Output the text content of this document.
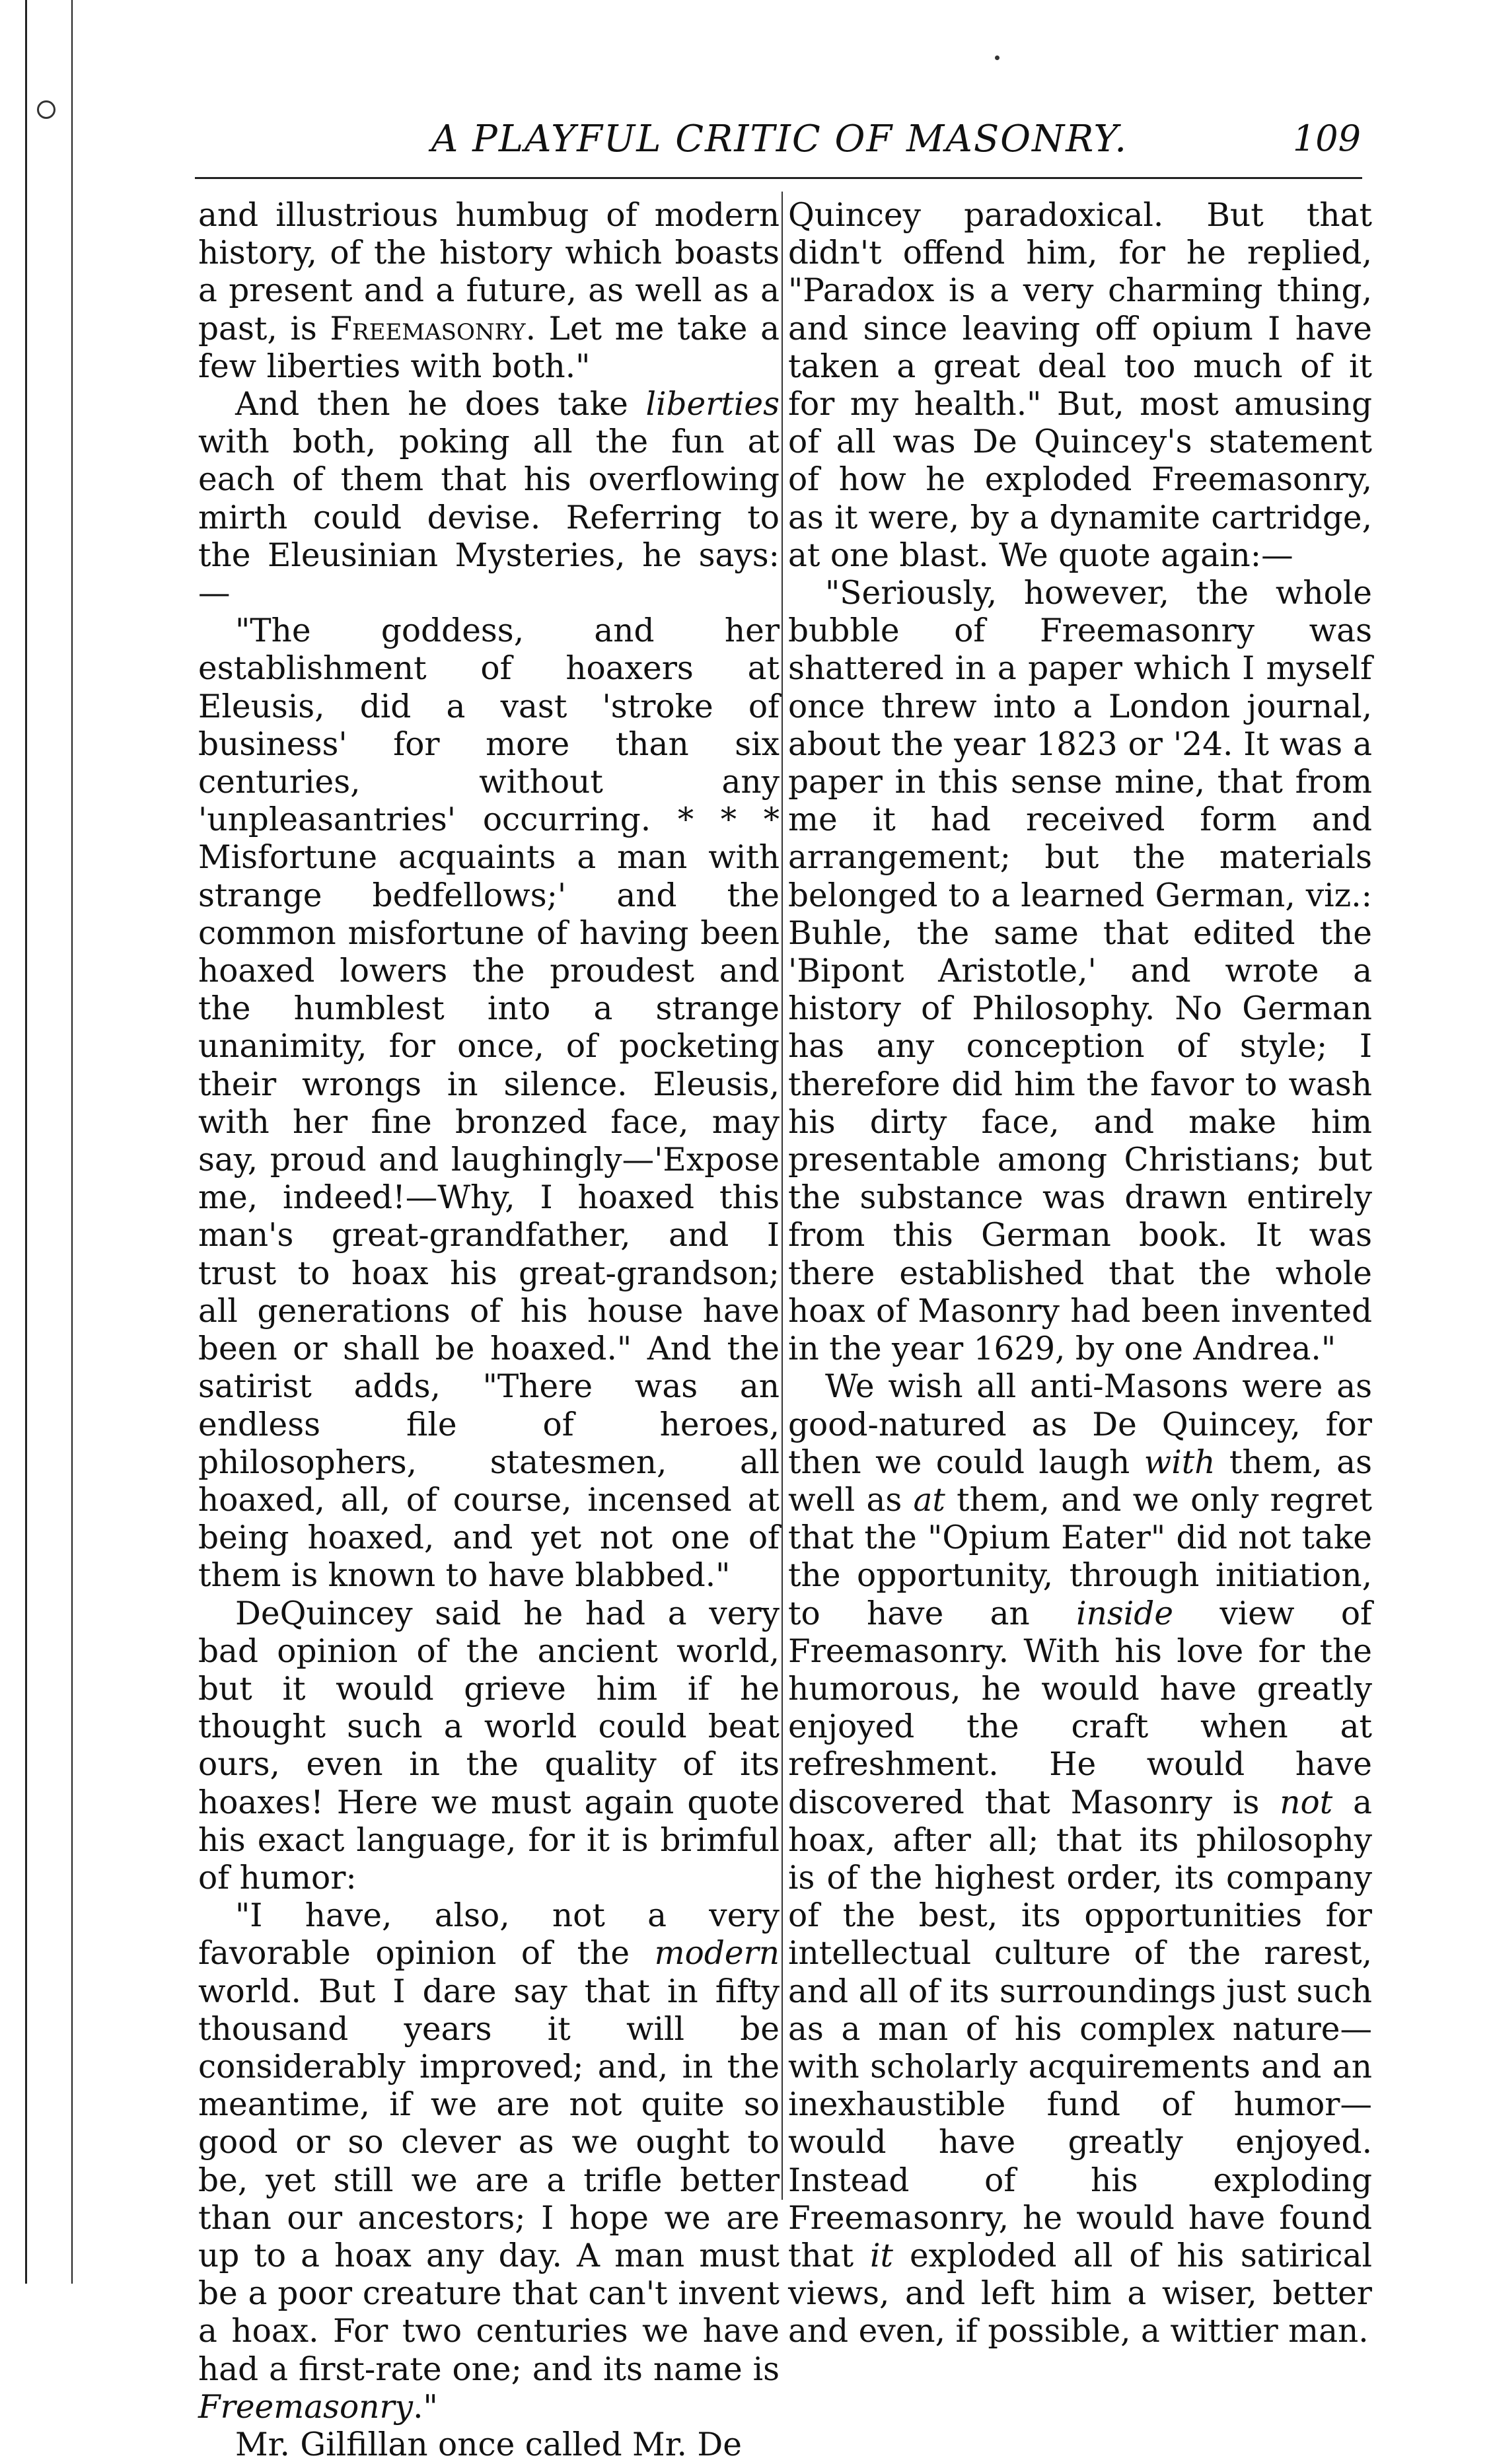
A PLAYFUL CRITIC OF MASONRY.	109

and illustrious humbug of modern history, of the history which boasts a present and a future, as well as a past, is Freemasonry. Let me take a few liberties with both."

And then he does take liberties with both, poking all the fun at each of them that his overflowing mirth could devise. Referring to the Eleusinian Mysteries, he says:—

"The goddess, and her establishment of hoaxers at Eleusis, did a vast 'stroke of business' for more than six centuries, without any 'unpleasantries' occurring. * * * Misfortune acquaints a man with strange bedfellows;' and the common misfortune of having been hoaxed lowers the proudest and the humblest into a strange unanimity, for once, of pocketing their wrongs in silence. Eleusis, with her fine bronzed face, may say, proud and laughingly—'Expose me, indeed!—Why, I hoaxed this man's great-grandfather, and I trust to hoax his great-grandson; all generations of his house have been or shall be hoaxed." And the satirist adds, "There was an endless file of heroes, philosophers, statesmen, all hoaxed, all, of course, incensed at being hoaxed, and yet not one of them is known to have blabbed."

DeQuincey said he had a very bad opinion of the ancient world, but it would grieve him if he thought such a world could beat ours, even in the quality of its hoaxes! Here we must again quote his exact language, for it is brimful of humor:

"I have, also, not a very favorable opinion of the modern world. But I dare say that in fifty thousand years it will be considerably improved; and, in the meantime, if we are not quite so good or so clever as we ought to be, yet still we are a trifle better than our ancestors; I hope we are up to a hoax any day. A man must be a poor creature that can't invent a hoax. For two centuries we have had a first-rate one; and its name is Freemasonry."

Mr. Gilfillan once called Mr. De

Quincey paradoxical. But that didn't offend him, for he replied, "Paradox is a very charming thing, and since leaving off opium I have taken a great deal too much of it for my health." But, most amusing of all was De Quincey's statement of how he exploded Freemasonry, as it were, by a dynamite cartridge, at one blast. We quote again:—

"Seriously, however, the whole bubble of Freemasonry was shattered in a paper which I myself once threw into a London journal, about the year 1823 or '24. It was a paper in this sense mine, that from me it had received form and arrangement; but the materials belonged to a learned German, viz.: Buhle, the same that edited the 'Bipont Aristotle,' and wrote a history of Philosophy. No German has any conception of style; I therefore did him the favor to wash his dirty face, and make him presentable among Christians; but the substance was drawn entirely from this German book. It was there established that the whole hoax of Masonry had been invented in the year 1629, by one Andrea."

We wish all anti-Masons were as good-natured as De Quincey, for then we could laugh with them, as well as at them, and we only regret that the "Opium Eater" did not take the opportunity, through initiation, to have an inside view of Freemasonry. With his love for the humorous, he would have greatly enjoyed the craft when at refreshment. He would have discovered that Masonry is not a hoax, after all; that its philosophy is of the highest order, its company of the best, its opportunities for intellectual culture of the rarest, and all of its surroundings just such as a man of his complex nature—with scholarly acquirements and an inexhaustible fund of humor—would have greatly enjoyed. Instead of his exploding Freemasonry, he would have found that it exploded all of his satirical views, and left him a wiser, better and even, if possible, a wittier man.
